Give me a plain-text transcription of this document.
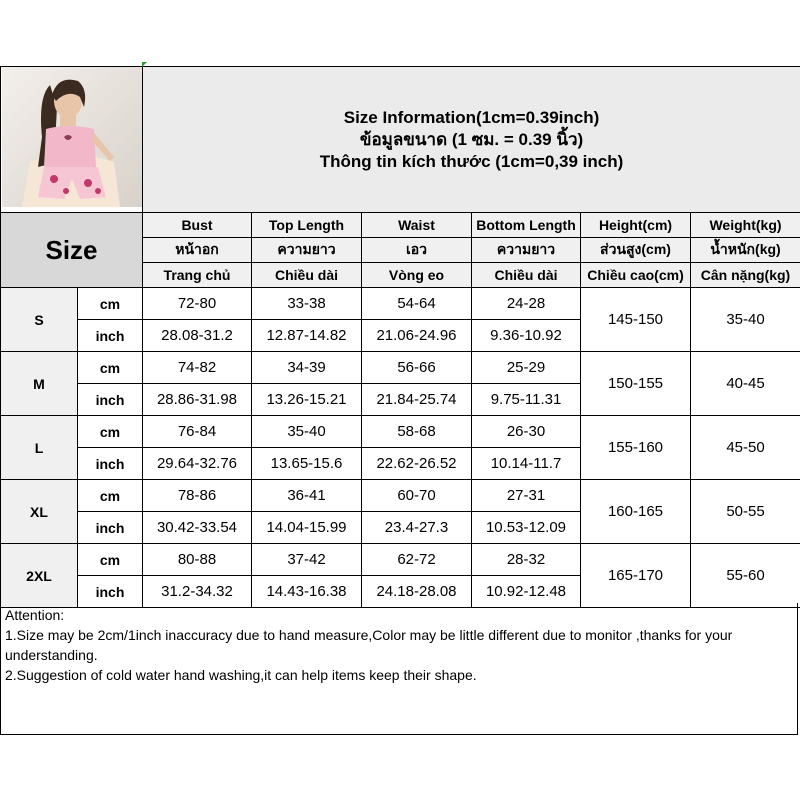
Size Information(1cm=0.39inch)
ข้อมูลขนาด (1 ซม. = 0.39 นิ้ว)
Thông tin kích thước (1cm=0,39 inch)					

Size		Bust	Top Length	Waist	Bottom Length	Height(cm)	Weight(kg)
		หน้าอก	ความยาว	เอว	ความยาว	ส่วนสูง(cm)	น้ำหนัก(kg)
		Trang chủ	Chiều dài	Vòng eo	Chiều dài	Chiều cao(cm)	Cân nặng(kg)
S	cm	72-80	33-38	54-64	24-28	145-150	35-40
	inch	28.08-31.2	12.87-14.82	21.06-24.96	9.36-10.92		
M	cm	74-82	34-39	56-66	25-29	150-155	40-45
	inch	28.86-31.98	13.26-15.21	21.84-25.74	9.75-11.31		
L	cm	76-84	35-40	58-68	26-30	155-160	45-50
	inch	29.64-32.76	13.65-15.6	22.62-26.52	10.14-11.7		
XL	cm	78-86	36-41	60-70	27-31	160-165	50-55
	inch	30.42-33.54	14.04-15.99	23.4-27.3	10.53-12.09		
2XL	cm	80-88	37-42	62-72	28-32	165-170	55-60
	inch	31.2-34.32	14.43-16.38	24.18-28.08	10.92-12.48		
Attention:
1.Size may be 2cm/1inch inaccuracy due to hand measure,Color may be little different due to monitor ,thanks for your understanding.
2.Suggestion of cold water hand washing,it can help items keep their shape.
